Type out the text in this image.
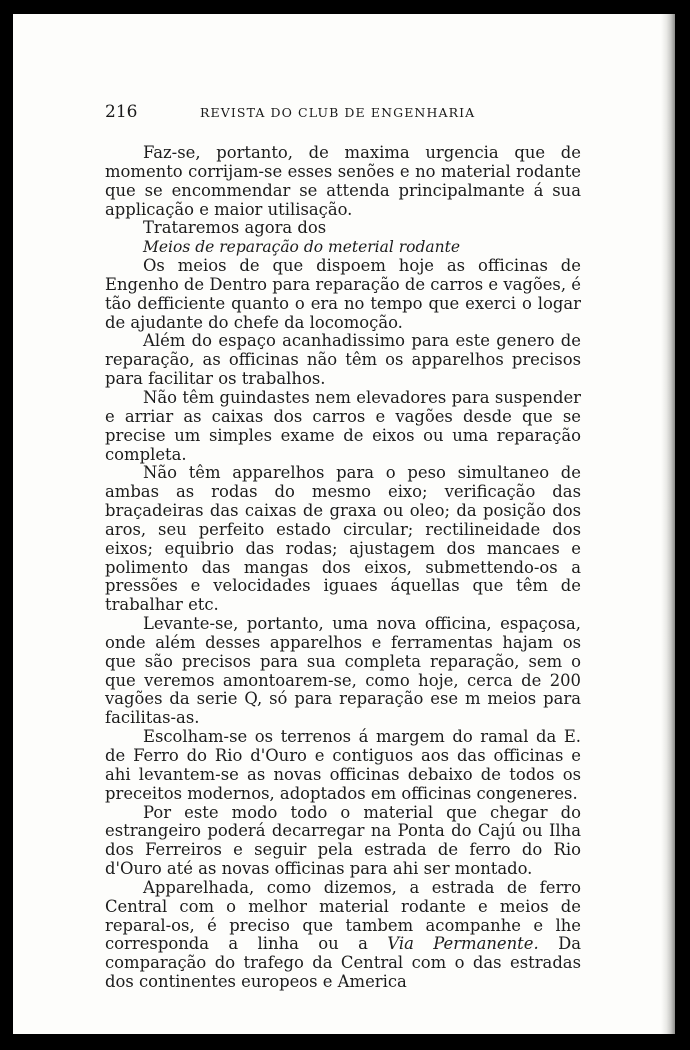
216	REVISTA DO CLUB DE ENGENHARIA

Faz-se, portanto, de maxima urgencia que de momento corrijam-se esses senões e no material rodante que se encommendar se attenda principalmante á sua applicação e maior utilisação.

Trataremos agora dos

Meios de reparação do meterial rodante

Os meios de que dispoem hoje as officinas de Engenho de Dentro para reparação de carros e vagões, é tão defficiente quanto o era no tempo que exerci o logar de ajudante do chefe da locomoção.

Além do espaço acanhadissimo para este genero de reparação, as officinas não têm os apparelhos precisos para facilitar os trabalhos.

Não têm guindastes nem elevadores para suspender e arriar as caixas dos carros e vagões desde que se precise um simples exame de eixos ou uma reparação completa.

Não têm apparelhos para o peso simultaneo de ambas as rodas do mesmo eixo; verificação das braçadeiras das caixas de graxa ou oleo; da posição dos aros, seu perfeito estado circular; rectilineidade dos eixos; equibrio das rodas; ajustagem dos mancaes e polimento das mangas dos eixos, submettendo-os a pressões e velocidades iguaes áquellas que têm de trabalhar etc.

Levante-se, portanto, uma nova officina, espaçosa, onde além desses apparelhos e ferramentas hajam os que são precisos para sua completa reparação, sem o que veremos amontoarem-se, como hoje, cerca de 200 vagões da serie Q, só para reparação ese m meios para facilitas-as.

Escolham-se os terrenos á margem do ramal da E. de Ferro do Rio d'Ouro e contiguos aos das officinas e ahi levantem-se as novas officinas debaixo de todos os preceitos modernos, adoptados em officinas congeneres.

Por este modo todo o material que chegar do estrangeiro poderá decarregar na Ponta do Cajú ou Ilha dos Ferreiros e seguir pela estrada de ferro do Rio d'Ouro até as novas officinas para ahi ser montado.

Apparelhada, como dizemos, a estrada de ferro Central com o melhor material rodante e meios de reparal-os, é preciso que tambem acompanhe e lhe corresponda a linha ou a Via Permanente. Da comparação do trafego da Central com o das estradas dos continentes europeos e America
